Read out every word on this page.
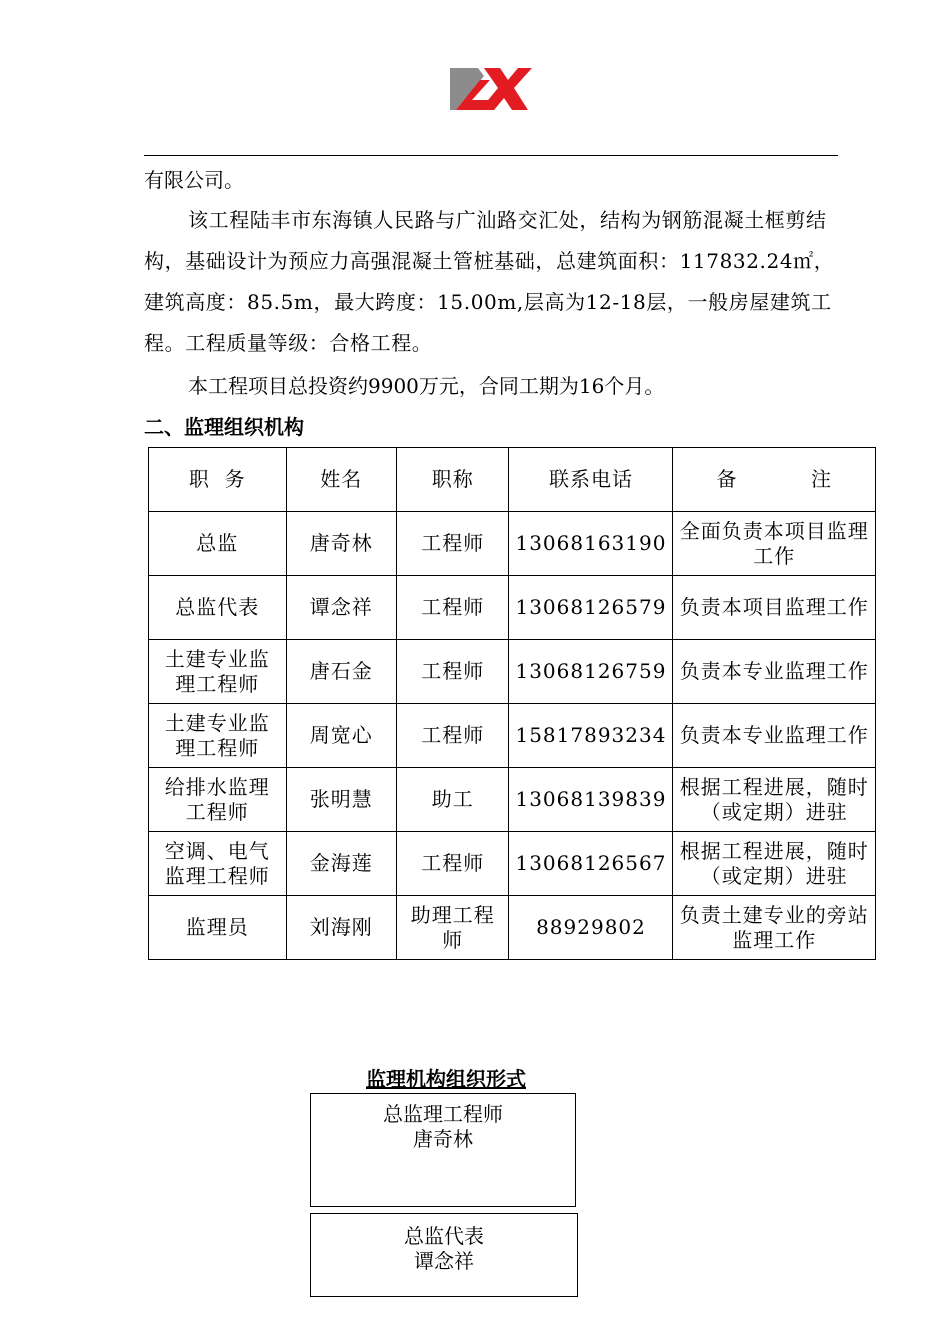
有限公司。

该工程陆丰市东海镇人民路与广汕路交汇处，结构为钢筋混凝土框剪结构，基础设计为预应力高强混凝土管桩基础，总建筑面积：117832.24㎡，建筑高度：85.5m，最大跨度：15.00m,层高为12-18层，一般房屋建筑工程。工程质量等级：合格工程。

本工程项目总投资约9900万元，合同工期为16个月。

二、监理组织机构
职  务	姓名	职称	联系电话	备          注
总监	唐奇林	工程师	13068163190	全面负责本项目监理工作
总监代表	谭念祥	工程师	13068126579	负责本项目监理工作
土建专业监理工程师	唐石金	工程师	13068126759	负责本专业监理工作
土建专业监理工程师	周宽心	工程师	15817893234	负责本专业监理工作
给排水监理工程师	张明慧	助工	13068139839	根据工程进展，随时（或定期）进驻
空调、电气监理工程师	金海莲	工程师	13068126567	根据工程进展，随时（或定期）进驻
监理员	刘海刚	助理工程师	88929802	负责土建专业的旁站监理工作
监理机构组织形式
总监理工程师
唐奇林
总监代表
谭念祥
